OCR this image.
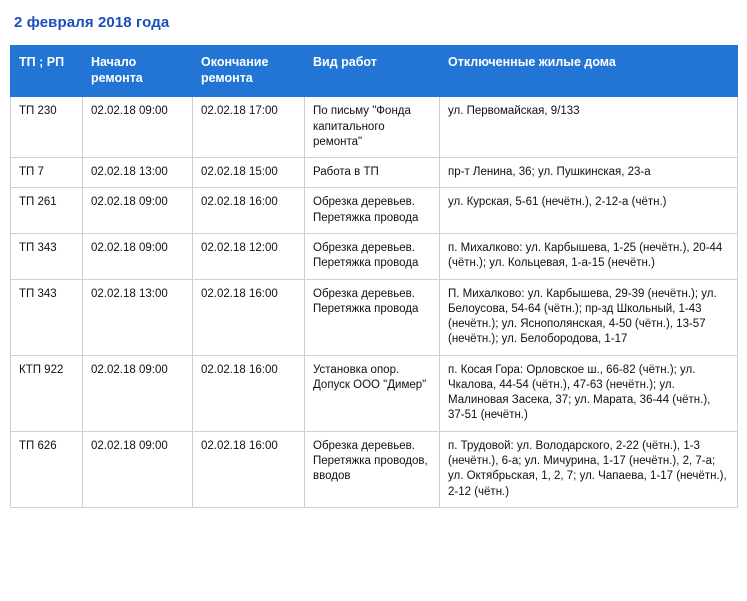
2 февраля 2018 года
ТП ; РП	Начало ремонта	Окончание ремонта	Вид работ	Отключенные жилые дома
ТП 230	02.02.18 09:00	02.02.18 17:00	По письму "Фонда капитального ремонта"	ул. Первомайская, 9/133
ТП 7	02.02.18 13:00	02.02.18 15:00	Работа в ТП	пр-т Ленина, 36; ул. Пушкинская, 23-а
ТП 261	02.02.18 09:00	02.02.18 16:00	Обрезка деревьев. Перетяжка провода	ул. Курская, 5-61 (нечётн.), 2-12-а (чётн.)
ТП 343	02.02.18 09:00	02.02.18 12:00	Обрезка деревьев. Перетяжка провода	п. Михалково: ул. Карбышева, 1-25 (нечётн.), 20-44 (чётн.); ул. Кольцевая, 1-а-15 (нечётн.)
ТП 343	02.02.18 13:00	02.02.18 16:00	Обрезка деревьев. Перетяжка провода	П. Михалково: ул. Карбышева, 29-39 (нечётн.); ул. Белоусова, 54-64 (чётн.); пр-зд Школьный, 1-43 (нечётн.); ул. Яснополянская, 4-50 (чётн.), 13-57 (нечётн.); ул. Белобородова, 1-17
КТП 922	02.02.18 09:00	02.02.18 16:00	Установка опор. Допуск ООО "Димер"	п. Косая Гора: Орловское ш., 66-82 (чётн.); ул. Чкалова, 44-54 (чётн.), 47-63 (нечётн.); ул. Малиновая Засека, 37; ул. Марата, 36-44 (чётн.), 37-51 (нечётн.)
ТП 626	02.02.18 09:00	02.02.18 16:00	Обрезка деревьев. Перетяжка проводов, вводов	п. Трудовой: ул. Володарского, 2-22 (чётн.), 1-3 (нечётн.), 6-а; ул. Мичурина, 1-17 (нечётн.), 2, 7-а; ул. Октябрьская, 1, 2, 7; ул. Чапаева, 1-17 (нечётн.), 2-12 (чётн.)
